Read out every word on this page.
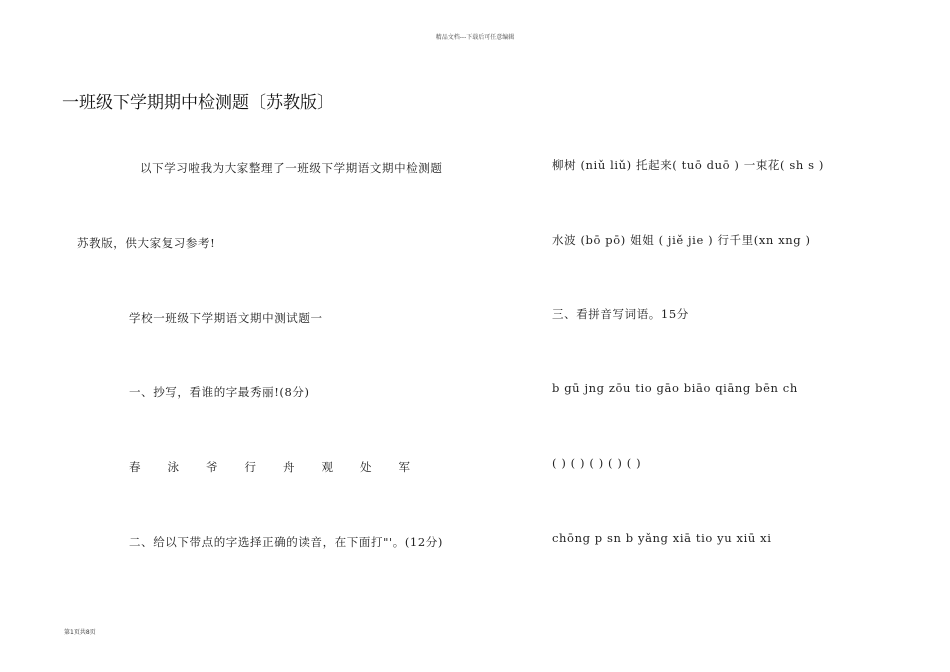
精品文档---下载后可任意编辑
一班级下学期期中检测题〔苏教版〕
以下学习啦我为大家整理了一班级下学期语文期中检测题
苏教版，供大家复习参考!
学校一班级下学期语文期中测试题一
一、抄写，看谁的字最秀丽!(8分)
春	泳	爷	行	舟	观	处	军
二、给以下带点的字选择正确的读音，在下面打"'。(12分)
柳树 (niǔ liǔ) 托起来( tuō duō ) 一束花( sh s )
水波 (bō pō) 姐姐 ( jiě jie ) 行千里(xn xng )
三、看拼音写词语。15分
b gū jng zōu tio gāo biāo qiāng bēn ch
( ) ( ) ( ) ( ) ( )
chōng p sn b yǎng xiā tio yu xiū xi
第1页共8页
